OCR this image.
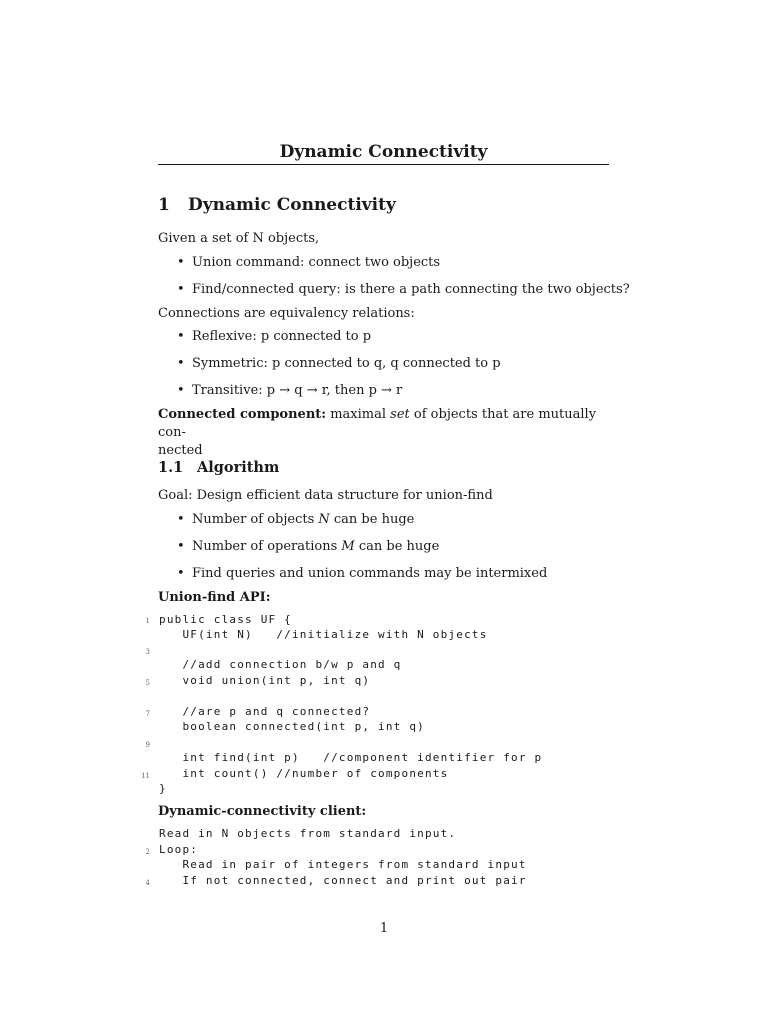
Dynamic Connectivity
1 Dynamic Connectivity
Given a set of N objects,
• Union command: connect two objects
• Find/connected query: is there a path connecting the two objects?
Connections are equivalency relations:
• Reflexive: p connected to p
• Symmetric: p connected to q, q connected to p
• Transitive: p → q → r, then p → r
Connected component: maximal set of objects that are mutually con-
nected
1.1 Algorithm
Goal: Design efficient data structure for union-find
• Number of objects N can be huge
• Number of operations M can be huge
• Find queries and union commands may be intermixed
Union-find API:
public class UF {
UF(int N)   //initialize with N objects
//add connection b/w p and q
void union(int p, int q)
//are p and q connected?
boolean connected(int p, int q)
int find(int p)   //component identifier for p
int count() //number of components
}
1
3
5
7
9
11
Dynamic-connectivity client:
Read in N objects from standard input.
Loop:
Read in pair of integers from standard input
If not connected, connect and print out pair
2
4
1
